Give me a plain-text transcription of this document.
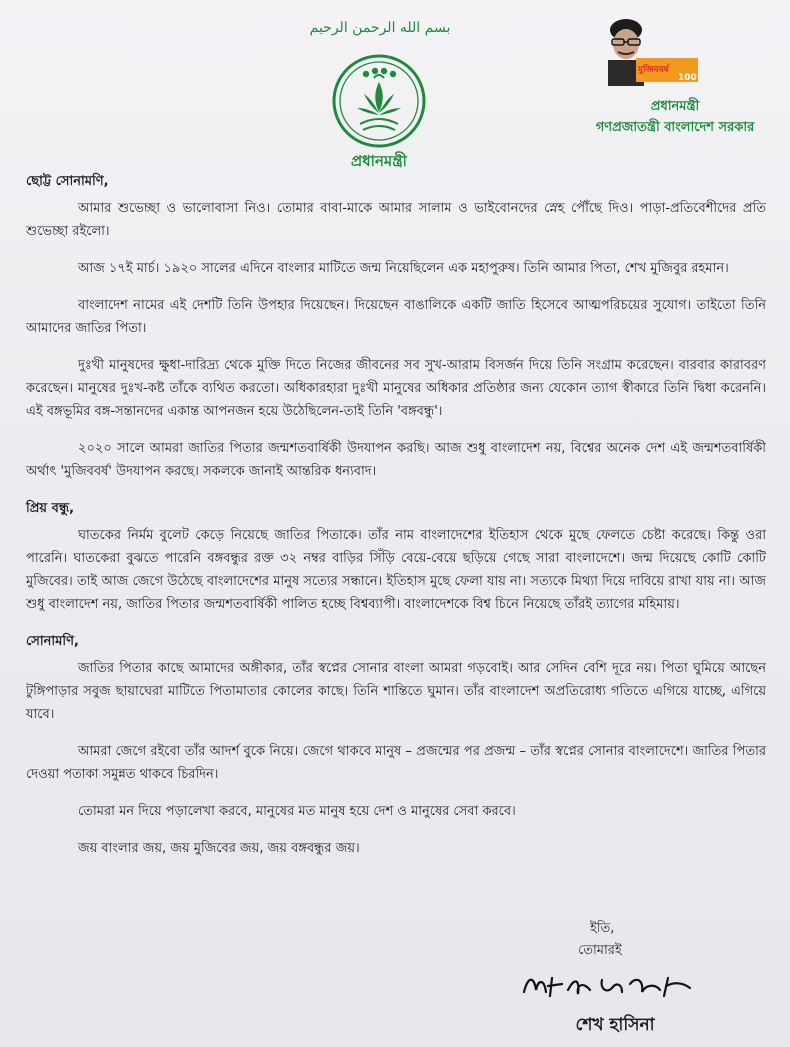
بسم الله الرحمن الرحيم
প্রধানমন্ত্রী
মুজিববর্ষ
100
প্রধানমন্ত্রী
গণপ্রজাতন্ত্রী বাংলাদেশ সরকার

ছোট্ট সোনামণি,

আমার শুভেচ্ছা ও ভালোবাসা নিও। তোমার বাবা-মাকে আমার সালাম ও ভাইবোনদের স্নেহ পৌঁছে দিও। পাড়া-প্রতিবেশীদের প্রতি শুভেচ্ছা রইলো।

আজ ১৭ই মার্চ। ১৯২০ সালের এদিনে বাংলার মাটিতে জন্ম নিয়েছিলেন এক মহাপুরুষ। তিনি আমার পিতা, শেখ মুজিবুর রহমান।

বাংলাদেশ নামের এই দেশটি তিনি উপহার দিয়েছেন। দিয়েছেন বাঙালিকে একটি জাতি হিসেবে আত্মপরিচয়ের সুযোগ। তাইতো তিনি আমাদের জাতির পিতা।

দুঃখী মানুষদের ক্ষুধা-দারিদ্র্য থেকে মুক্তি দিতে নিজের জীবনের সব সুখ-আরাম বিসর্জন দিয়ে তিনি সংগ্রাম করেছেন। বারবার কারাবরণ করেছেন। মানুষের দুঃখ-কষ্ট তাঁকে ব্যথিত করতো। অধিকারহারা দুঃখী মানুষের অধিকার প্রতিষ্ঠার জন্য যেকোন ত্যাগ স্বীকারে তিনি দ্বিধা করেননি। এই বঙ্গভূমির বঙ্গ-সন্তানদের একান্ত আপনজন হয়ে উঠেছিলেন-তাই তিনি 'বঙ্গবন্ধু'।

২০২০ সালে আমরা জাতির পিতার জন্মশতবার্ষিকী উদযাপন করছি। আজ শুধু বাংলাদেশ নয়, বিশ্বের অনেক দেশ এই জন্মশতবার্ষিকী অর্থাৎ 'মুজিববর্ষ' উদযাপন করছে। সকলকে জানাই আন্তরিক ধন্যবাদ।

প্রিয় বন্ধু,

ঘাতকের নির্মম বুলেট কেড়ে নিয়েছে জাতির পিতাকে। তাঁর নাম বাংলাদেশের ইতিহাস থেকে মুছে ফেলতে চেষ্টা করেছে। কিন্তু ওরা পারেনি। ঘাতকেরা বুঝতে পারেনি বঙ্গবন্ধুর রক্ত ৩২ নম্বর বাড়ির সিঁড়ি বেয়ে-বেয়ে ছড়িয়ে গেছে সারা বাংলাদেশে। জন্ম দিয়েছে কোটি কোটি মুজিবের। তাই আজ জেগে উঠেছে বাংলাদেশের মানুষ সত্যের সন্ধানে। ইতিহাস মুছে ফেলা যায় না। সত্যকে মিথ্যা দিয়ে দাবিয়ে রাখা যায় না। আজ শুধু বাংলাদেশ নয়, জাতির পিতার জন্মশতবার্ষিকী পালিত হচ্ছে বিশ্বব্যাপী। বাংলাদেশকে বিশ্ব চিনে নিয়েছে তাঁরই ত্যাগের মহিমায়।

সোনামণি,

জাতির পিতার কাছে আমাদের অঙ্গীকার, তাঁর স্বপ্নের সোনার বাংলা আমরা গড়বোই। আর সেদিন বেশি দূরে নয়। পিতা ঘুমিয়ে আছেন টুঙ্গিপাড়ার সবুজ ছায়াঘেরা মাটিতে পিতামাতার কোলের কাছে। তিনি শান্তিতে ঘুমান। তাঁর বাংলাদেশ অপ্রতিরোধ্য গতিতে এগিয়ে যাচ্ছে, এগিয়ে যাবে।

আমরা জেগে রইবো তাঁর আদর্শ বুকে নিয়ে। জেগে থাকবে মানুষ – প্রজন্মের পর প্রজন্ম – তাঁর স্বপ্নের সোনার বাংলাদেশে। জাতির পিতার দেওয়া পতাকা সমুন্নত থাকবে চিরদিন।

তোমরা মন দিয়ে পড়ালেখা করবে, মানুষের মত মানুষ হয়ে দেশ ও মানুষের সেবা করবে।

জয় বাংলার জয়, জয় মুজিবের জয়, জয় বঙ্গবন্ধুর জয়।

ইতি,
তোমারই
শেখ হাসিনা
